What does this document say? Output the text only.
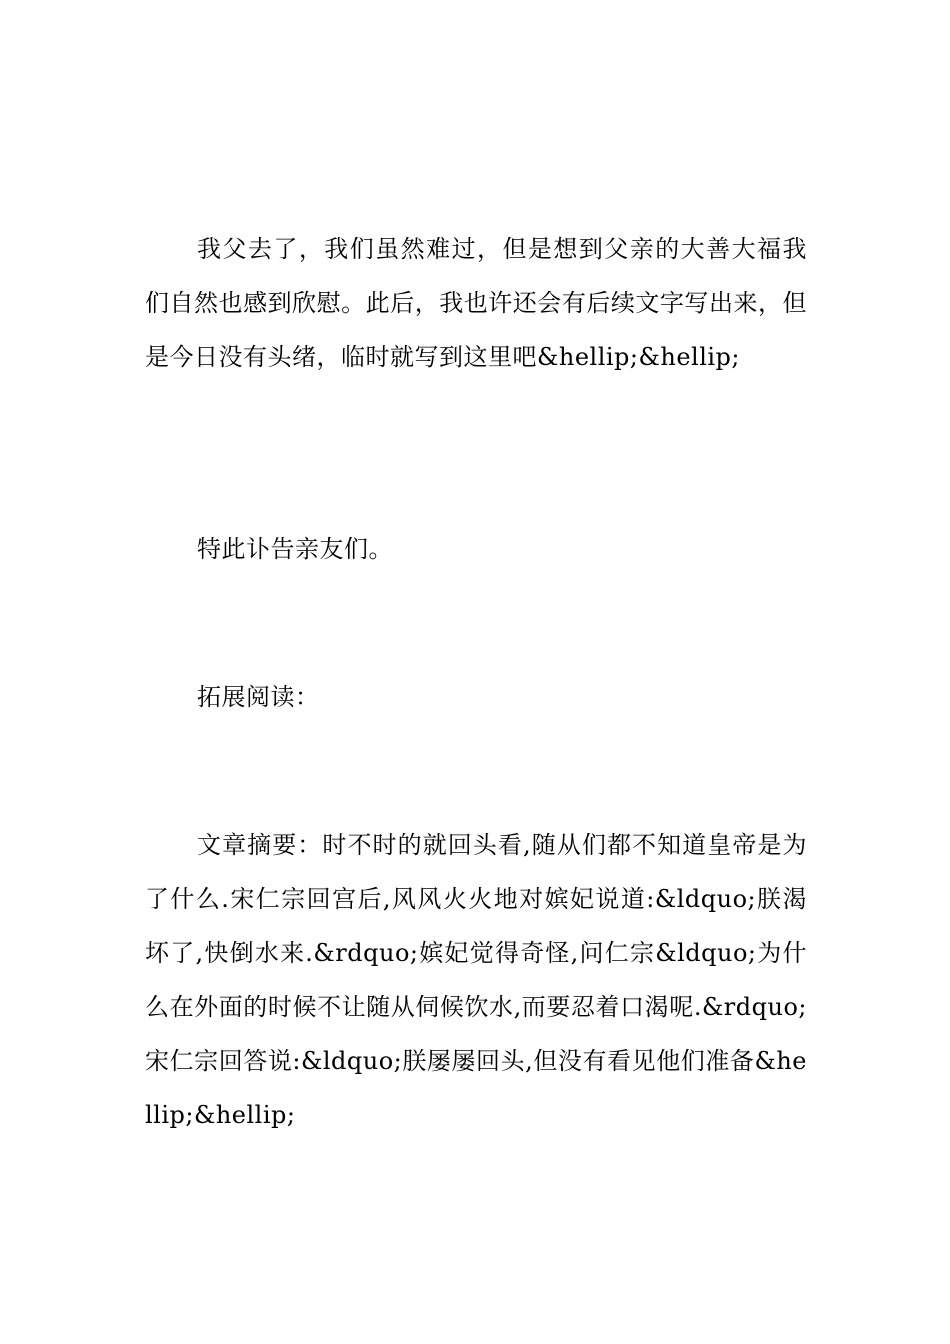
我父去了，我们虽然难过，但是想到父亲的大善大福我们自然也感到欣慰。此后，我也许还会有后续文字写出来，但是今日没有头绪，临时就写到这里吧&hellip;&hellip;

特此讣告亲友们。

拓展阅读：

文章摘要：时不时的就回头看,随从们都不知道皇帝是为了什么.宋仁宗回宫后,风风火火地对嫔妃说道:&ldquo;朕渴坏了,快倒水来.&rdquo;嫔妃觉得奇怪,问仁宗&ldquo;为什么在外面的时候不让随从伺候饮水,而要忍着口渴呢.&rdquo; 宋仁宗回答说:&ldquo;朕屡屡回头,但没有看见他们准备&hellip;&hellip;
